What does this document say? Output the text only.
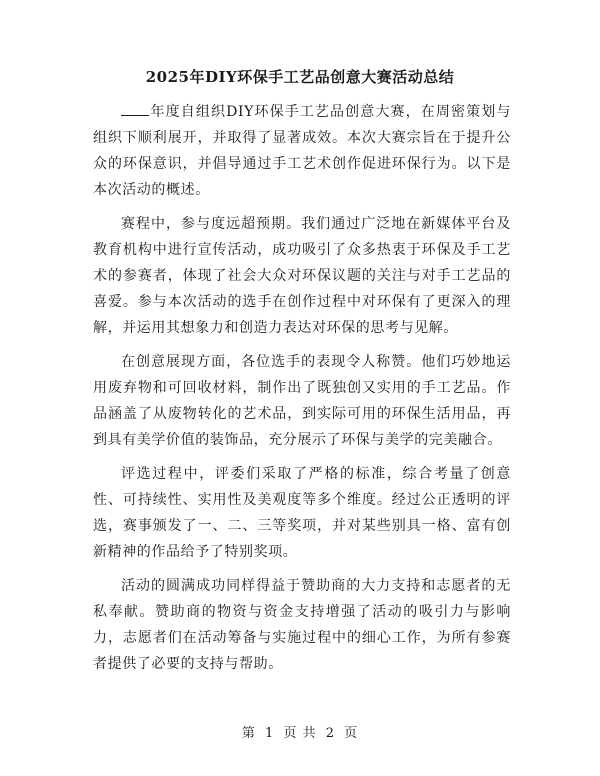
2025年DIY环保手工艺品创意大赛活动总结

年度自组织DIY环保手工艺品创意大赛，在周密策划与组织下顺利展开，并取得了显著成效。本次大赛宗旨在于提升公众的环保意识，并倡导通过手工艺术创作促进环保行为。以下是本次活动的概述。

赛程中，参与度远超预期。我们通过广泛地在新媒体平台及教育机构中进行宣传活动，成功吸引了众多热衷于环保及手工艺术的参赛者，体现了社会大众对环保议题的关注与对手工艺品的喜爱。参与本次活动的选手在创作过程中对环保有了更深入的理解，并运用其想象力和创造力表达对环保的思考与见解。

在创意展现方面，各位选手的表现令人称赞。他们巧妙地运用废弃物和可回收材料，制作出了既独创又实用的手工艺品。作品涵盖了从废物转化的艺术品，到实际可用的环保生活用品，再到具有美学价值的装饰品，充分展示了环保与美学的完美融合。

评选过程中，评委们采取了严格的标准，综合考量了创意性、可持续性、实用性及美观度等多个维度。经过公正透明的评选，赛事颁发了一、二、三等奖项，并对某些别具一格、富有创新精神的作品给予了特别奖项。

活动的圆满成功同样得益于赞助商的大力支持和志愿者的无私奉献。赞助商的物资与资金支持增强了活动的吸引力与影响力，志愿者们在活动筹备与实施过程中的细心工作，为所有参赛者提供了必要的支持与帮助。

第 1 页 共 2 页
